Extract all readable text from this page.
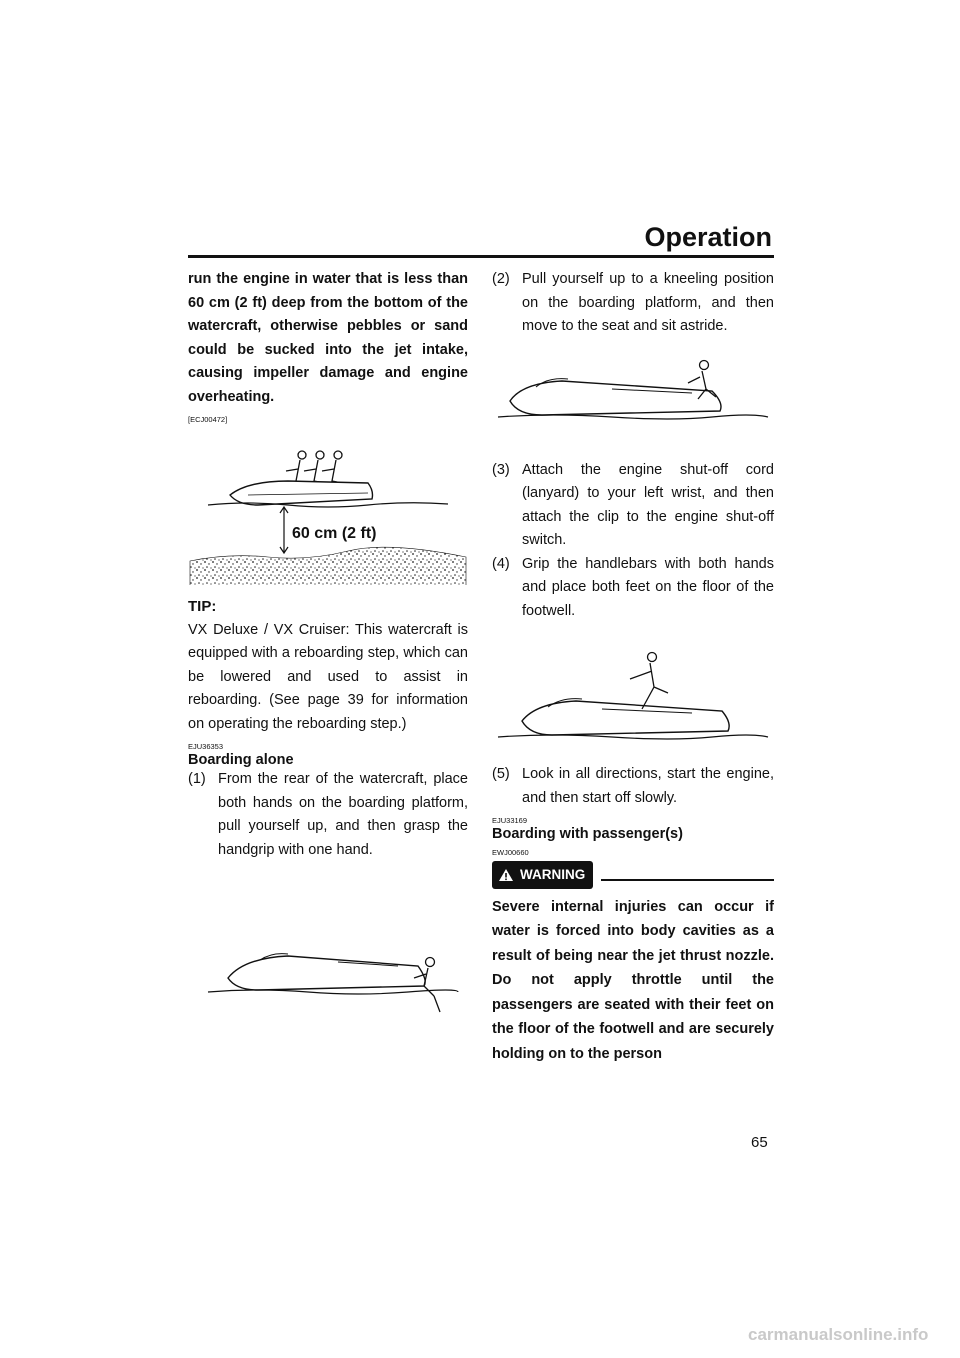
Operation
run the engine in water that is less than 60 cm (2 ft) deep from the bottom of the watercraft, otherwise pebbles or sand could be sucked into the jet intake, causing impeller damage and engine overheating.
[ECJ00472]
60 cm (2 ft)
TIP:
VX Deluxe / VX Cruiser: This watercraft is equipped with a reboarding step, which can be lowered and used to assist in reboarding. (See page 39 for information on operating the reboarding step.)
EJU36353
Boarding alone
(1) From the rear of the watercraft, place both hands on the boarding platform, pull yourself up, and then grasp the handgrip with one hand.
(2) Pull yourself up to a kneeling position on the boarding platform, and then move to the seat and sit astride.
(3) Attach the engine shut-off cord (lanyard) to your left wrist, and then attach the clip to the engine shut-off switch.
(4) Grip the handlebars with both hands and place both feet on the floor of the footwell.
(5) Look in all directions, start the engine, and then start off slowly.
EJU33169
Boarding with passenger(s)
EWJ00660
WARNING
Severe internal injuries can occur if water is forced into body cavities as a result of being near the jet thrust nozzle. Do not apply throttle until the passengers are seated with their feet on the floor of the footwell and are securely holding on to the person
65
carmanualsonline.info
